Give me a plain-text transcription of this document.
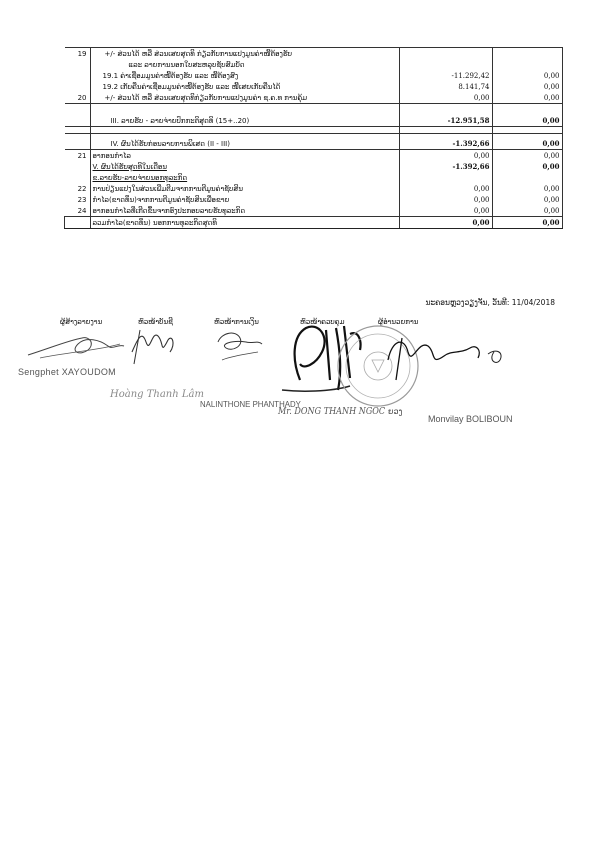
19	+/- ສ່ວນໄດ້ ຫລື ສ່ວນເສຍສຸດທິ ກ່ຽວກັບການແປງມູນຄ່າໜີ້ຕ້ອງຮັບ		
	ແລະ ລາຍການນອກໃບສະຫລຸບຊັບສົມບັດ		
	19.1 ຄ່າເຊື່ອມມູນຄ່າໜີ້ຕ້ອງຮັບ ແລະ ໜີ້ຕ້ອງສົງ	-11.292,42	0,00
	19.2 ເກັບຄືນຄ່າເຊື່ອມມູນຄ່າໜີ້ຕ້ອງຮັບ ແລະ ໜີ້ເສຍເກັບຄືນໄດ້	8.141,74	0,00
20	+/- ສ່ວນໄດ້ ຫລື ສ່ວນເສຍສຸດທິກ່ຽວກັບການແປງມູນຄ່າ ຊ.ຄ.ທ ການຄຸ້ມ	0,00	0,00

	III. ລາຍຮັບ - ລາຍຈ່າຍປົກກະຕິສຸດທິ (15+..20)	-12.951,58	0,00

	IV. ຜົນໄດ້ຮັບກ່ອນລາຍການພິເສດ (II - III)	-1.392,66	0,00
21	ອາກອນກຳໄລ	0,00	0,00
	V. ຜົນໄດ້ຮັບສຸດທິໃນເດືອນ	-1.392,66	0,00
	ຂ.ລາຍຮັບ-ລາຍຈ່າຍນອກທຸລະກິດ		
22	ການປ່ຽນແປງໃນສ່ວນເພີ່ມຕີມຈາກການຕີມູນຄ່າຊັບສິນ	0,00	0,00
23	ກຳໄລ(ຂາດທຶນ)ຈາກການຕີມູນຄ່າຊັບສິນເພື່ອຂາຍ	0,00	0,00
24	ອາກອນກຳໄລທີ່ເກີດຂຶ້ນຈາກອົງປະກອບລາຍຮັບທຸລະກິດ	0,00	0,00
	ລວມກຳໄລ(ຂາດທຶນ) ນອກການທຸລະກິດສຸດທິ	0,00	0,00
ນະຄອນຫຼວງວຽງຈັນ, ວັນທີ: 11/04/2018
ຜູ້ສ້າງລາຍງານ	ຫົວໜ້າບັນຊີ	ຫົວໜ້າການເງິນ	ຫົວໜ້າຄວບຄຸມ	ຜູ້ອຳນວຍການ
Sengphet XAYOUDOM
Hoàng Thanh Lâm
NALINTHONE PHANTHADY
Mr. DONG THANH NGOC ຍວງ
Monvilay BOLIBOUN
